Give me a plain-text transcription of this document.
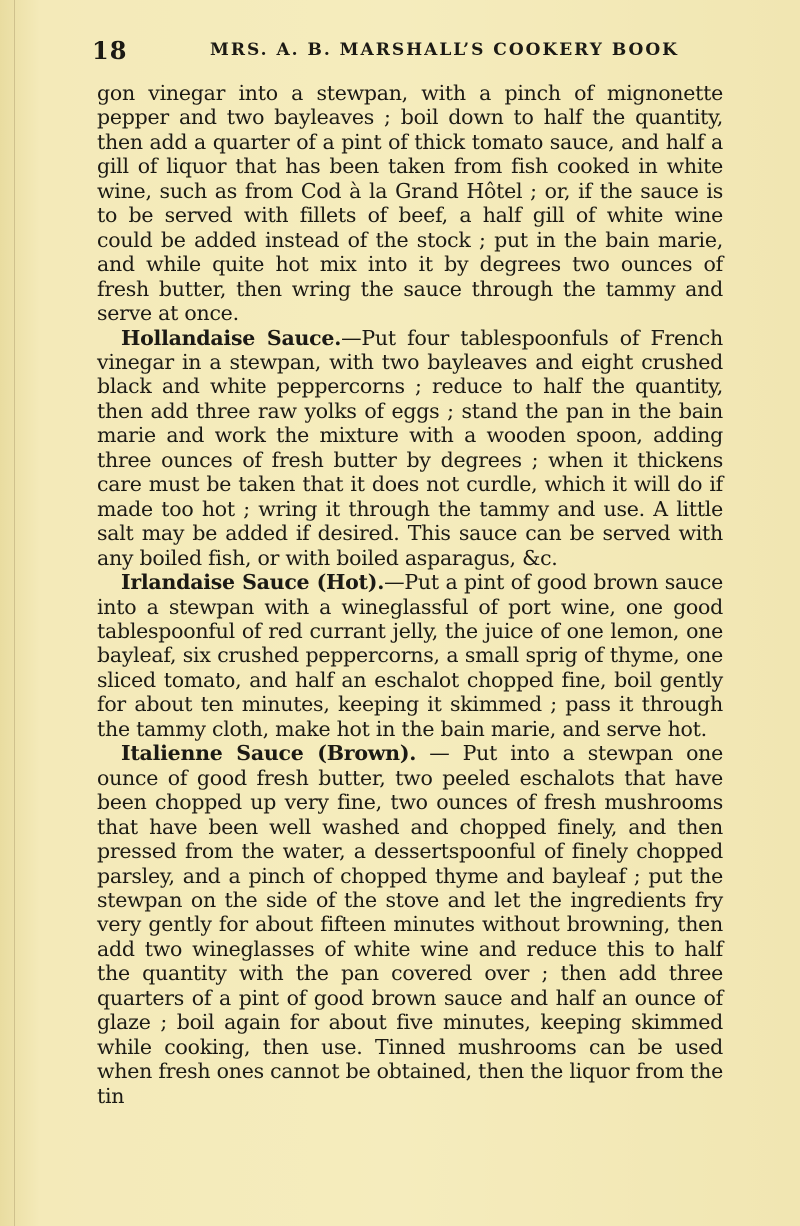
18	MRS. A. B. MARSHALL’S COOKERY BOOK

gon vinegar into a stewpan, with a pinch of mignonette pepper and two bayleaves ; boil down to half the quantity, then add a quarter of a pint of thick tomato sauce, and half a gill of liquor that has been taken from fish cooked in white wine, such as from Cod à la Grand Hôtel ; or, if the sauce is to be served with fillets of beef, a half gill of white wine could be added instead of the stock ; put in the bain marie, and while quite hot mix into it by degrees two ounces of fresh butter, then wring the sauce through the tammy and serve at once.

Hollandaise Sauce.—Put four tablespoonfuls of French vinegar in a stewpan, with two bayleaves and eight crushed black and white peppercorns ; reduce to half the quantity, then add three raw yolks of eggs ; stand the pan in the bain marie and work the mixture with a wooden spoon, adding three ounces of fresh butter by degrees ; when it thickens care must be taken that it does not curdle, which it will do if made too hot ; wring it through the tammy and use. A little salt may be added if desired. This sauce can be served with any boiled fish, or with boiled asparagus, &c.

Irlandaise Sauce (Hot).—Put a pint of good brown sauce into a stewpan with a wineglassful of port wine, one good tablespoonful of red currant jelly, the juice of one lemon, one bayleaf, six crushed peppercorns, a small sprig of thyme, one sliced tomato, and half an eschalot chopped fine, boil gently for about ten minutes, keeping it skimmed ; pass it through the tammy cloth, make hot in the bain marie, and serve hot.

Italienne Sauce (Brown). — Put into a stewpan one ounce of good fresh butter, two peeled eschalots that have been chopped up very fine, two ounces of fresh mushrooms that have been well washed and chopped finely, and then pressed from the water, a dessertspoonful of finely chopped parsley, and a pinch of chopped thyme and bayleaf ; put the stewpan on the side of the stove and let the ingredients fry very gently for about fifteen minutes without browning, then add two wineglasses of white wine and reduce this to half the quantity with the pan covered over ; then add three quarters of a pint of good brown sauce and half an ounce of glaze ; boil again for about five minutes, keeping skimmed while cooking, then use. Tinned mushrooms can be used when fresh ones cannot be obtained, then the liquor from the tin
